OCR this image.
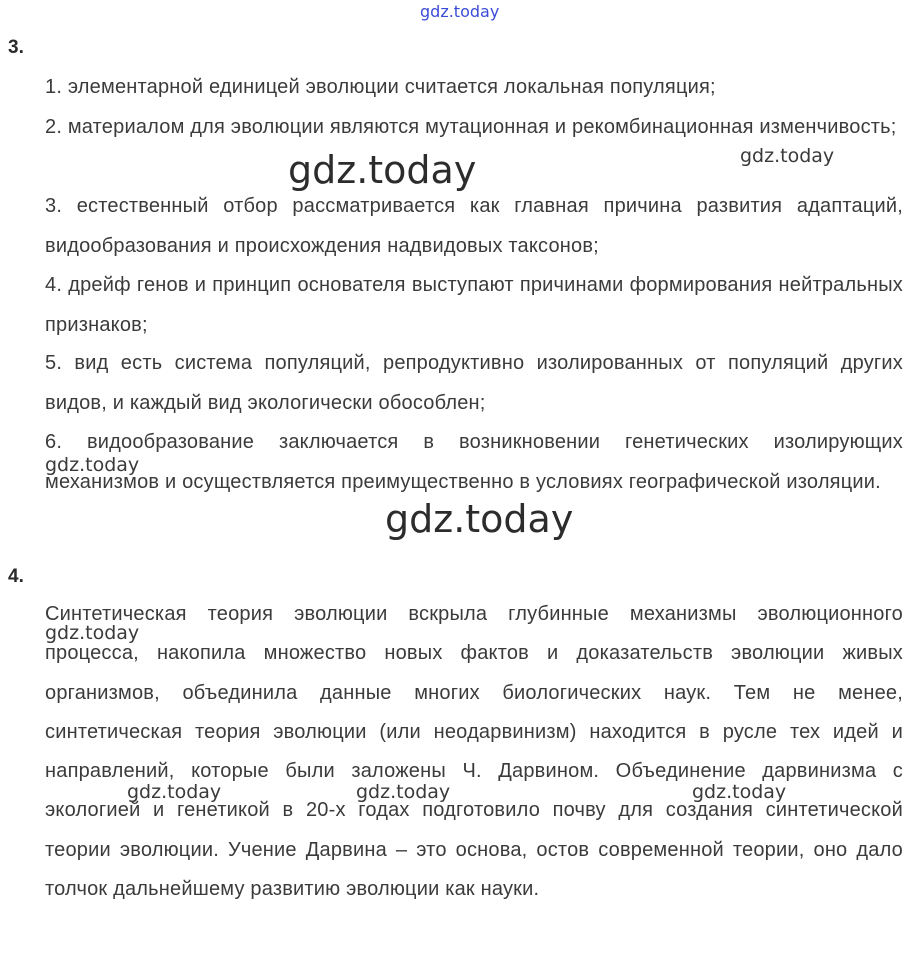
gdz.today
3.
1. элементарной единицей эволюции считается локальная популяция;
2. материалом для эволюции являются мутационная и рекомбинационная изменчивость;
3. естественный отбор рассматривается как главная причина развития адаптаций, видообразования и происхождения надвидовых таксонов;
4. дрейф генов и принцип основателя выступают причинами формирования нейтральных признаков;
5. вид есть система популяций, репродуктивно изолированных от популяций других видов, и каждый вид экологически обособлен;
6. видообразование заключается в возникновении генетических изолирующих механизмов и осуществляется преимущественно в условиях географической изоляции.
4.
Синтетическая теория эволюции вскрыла глубинные механизмы эволюционного процесса, накопила множество новых фактов и доказательств эволюции живых организмов, объединила данные многих биологических наук. Тем не менее, синтетическая теория эволюции (или неодарвинизм) находится в русле тех идей и направлений, которые были заложены Ч. Дарвином. Объединение дарвинизма с экологией и генетикой в 20-х годах подготовило почву для создания синтетической теории эволюции. Учение Дарвина – это основа, остов современной теории, оно дало толчок дальнейшему развитию эволюции как науки.
gdz.today	gdz.today
gdz.today
gdz.today
gdz.today
gdz.today	gdz.today	gdz.today
